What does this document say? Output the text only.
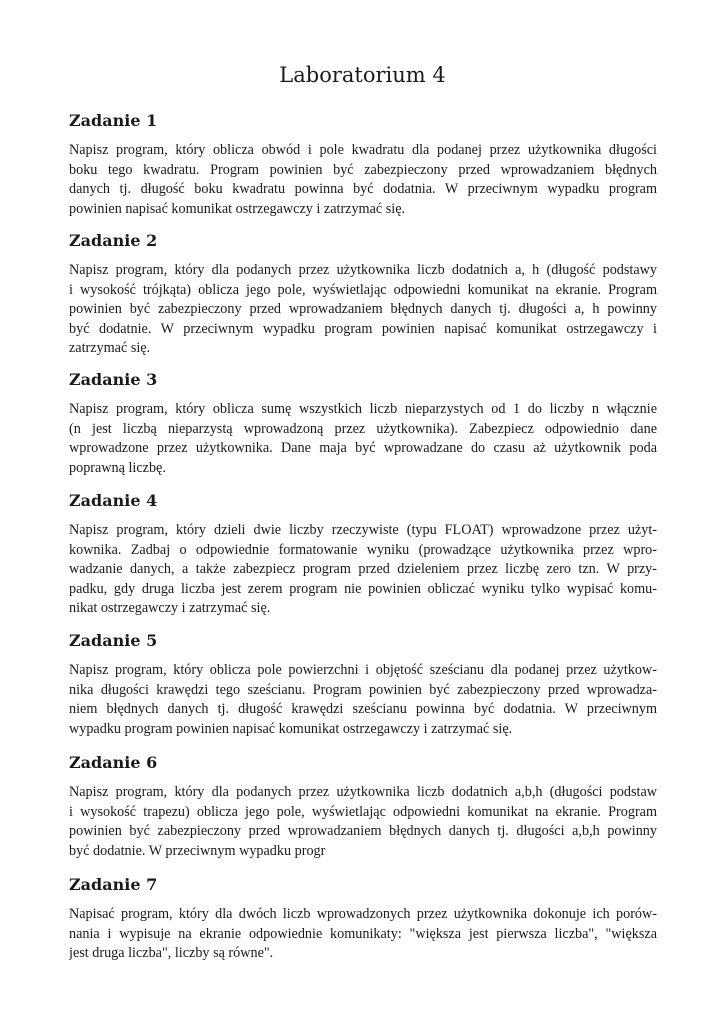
Laboratorium 4
Zadanie 1

Napisz program, który oblicza obwód i pole kwadratu dla podanej przez użytkownika długości
boku tego kwadratu. Program powinien być zabezpieczony przed wprowadzaniem błędnych
danych tj. długość boku kwadratu powinna być dodatnia. W przeciwnym wypadku program
powinien napisać komunikat ostrzegawczy i zatrzymać się.

Zadanie 2

Napisz program, który dla podanych przez użytkownika liczb dodatnich a, h (długość podstawy
i wysokość trójkąta) oblicza jego pole, wyświetlając odpowiedni komunikat na ekranie. Program
powinien być zabezpieczony przed wprowadzaniem błędnych danych tj. długości a, h powinny
być dodatnie. W przeciwnym wypadku program powinien napisać komunikat ostrzegawczy i
zatrzymać się.

Zadanie 3

Napisz program, który oblicza sumę wszystkich liczb nieparzystych od 1 do liczby n włącznie
(n jest liczbą nieparzystą wprowadzoną przez użytkownika). Zabezpiecz odpowiednio dane
wprowadzone przez użytkownika. Dane maja być wprowadzane do czasu aż użytkownik poda
poprawną liczbę.

Zadanie 4

Napisz program, który dzieli dwie liczby rzeczywiste (typu FLOAT) wprowadzone przez użyt-
kownika. Zadbaj o odpowiednie formatowanie wyniku (prowadzące użytkownika przez wpro-
wadzanie danych, a także zabezpiecz program przed dzieleniem przez liczbę zero tzn. W przy-
padku, gdy druga liczba jest zerem program nie powinien obliczać wyniku tylko wypisać komu-
nikat ostrzegawczy i zatrzymać się.

Zadanie 5

Napisz program, który oblicza pole powierzchni i objętość sześcianu dla podanej przez użytkow-
nika długości krawędzi tego sześcianu. Program powinien być zabezpieczony przed wprowadza-
niem błędnych danych tj. długość krawędzi sześcianu powinna być dodatnia. W przeciwnym
wypadku program powinien napisać komunikat ostrzegawczy i zatrzymać się.

Zadanie 6

Napisz program, który dla podanych przez użytkownika liczb dodatnich a,b,h (długości podstaw
i wysokość trapezu) oblicza jego pole, wyświetlając odpowiedni komunikat na ekranie. Program
powinien być zabezpieczony przed wprowadzaniem błędnych danych tj. długości a,b,h powinny
być dodatnie. W przeciwnym wypadku progr

Zadanie 7

Napisać program, który dla dwóch liczb wprowadzonych przez użytkownika dokonuje ich porów-
nania i wypisuje na ekranie odpowiednie komunikaty: "większa jest pierwsza liczba", "większa
jest druga liczba", liczby są równe".
